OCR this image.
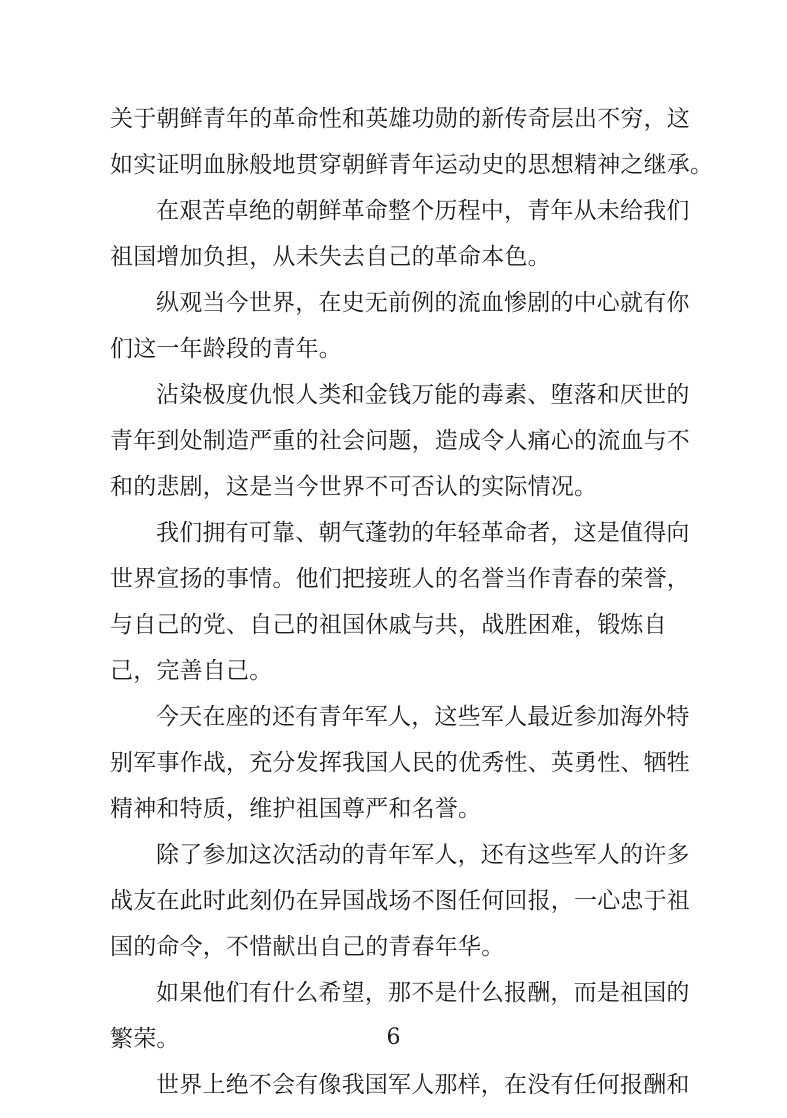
关于朝鲜青年的革命性和英雄功勋的新传奇层出不穷，这
如实证明血脉般地贯穿朝鲜青年运动史的思想精神之继承。
在艰苦卓绝的朝鲜革命整个历程中，青年从未给我们
祖国增加负担，从未失去自己的革命本色。
纵观当今世界，在史无前例的流血惨剧的中心就有你
们这一年龄段的青年。
沾染极度仇恨人类和金钱万能的毒素、堕落和厌世的
青年到处制造严重的社会问题，造成令人痛心的流血与不
和的悲剧，这是当今世界不可否认的实际情况。
我们拥有可靠、朝气蓬勃的年轻革命者，这是值得向
世界宣扬的事情。他们把接班人的名誉当作青春的荣誉，
与自己的党、自己的祖国休戚与共，战胜困难，锻炼自
己，完善自己。
今天在座的还有青年军人，这些军人最近参加海外特
别军事作战，充分发挥我国人民的优秀性、英勇性、牺牲
精神和特质，维护祖国尊严和名誉。
除了参加这次活动的青年军人，还有这些军人的许多
战友在此时此刻仍在异国战场不图任何回报，一心忠于祖
国的命令，不惜献出自己的青春年华。
如果他们有什么希望，那不是什么报酬，而是祖国的
繁荣。
世界上绝不会有像我国军人那样，在没有任何报酬和
6
